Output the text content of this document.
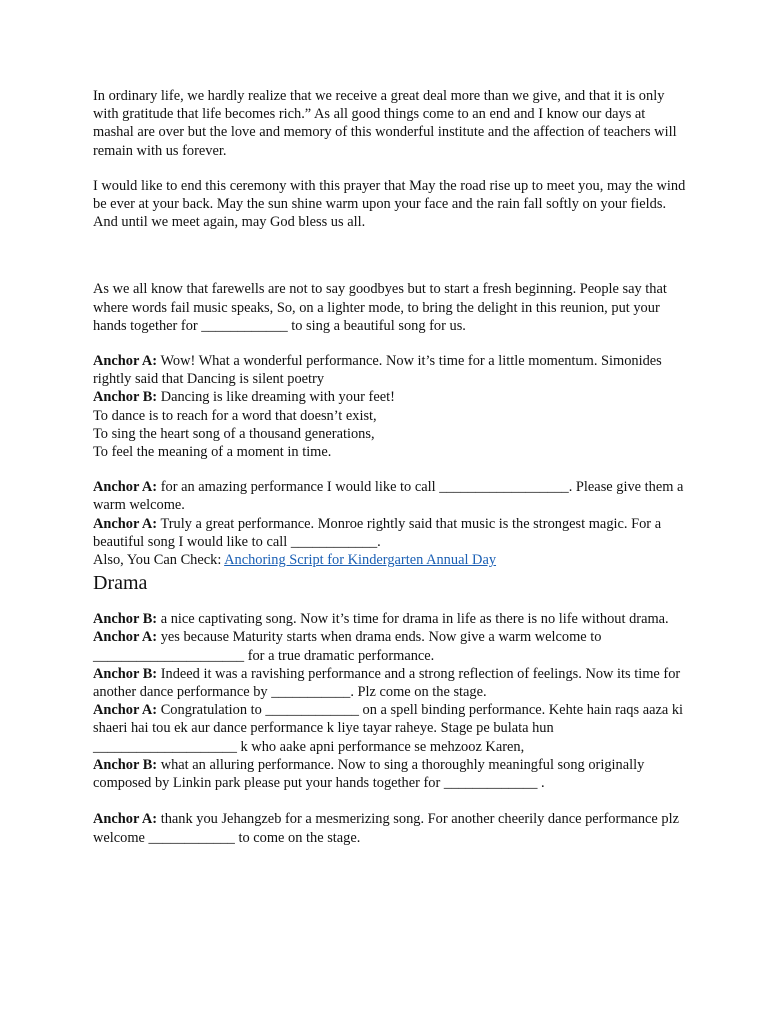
In ordinary life, we hardly realize that we receive a great deal more than we give, and that it is only with gratitude that life becomes rich.” As all good things come to an end and I know our days at mashal are over but the love and memory of this wonderful institute and the affection of teachers will remain with us forever.

I would like to end this ceremony with this prayer that May the road rise up to meet you, may the wind be ever at your back. May the sun shine warm upon your face and the rain fall softly on your fields. And until we meet again, may God bless us all.

As we all know that farewells are not to say goodbyes but to start a fresh beginning. People say that where words fail music speaks, So, on a lighter mode, to bring the delight in this reunion, put your hands together for ____________ to sing a beautiful song for us.

Anchor A: Wow! What a wonderful performance. Now it’s time for a little momentum. Simonides rightly said that Dancing is silent poetry

Anchor B: Dancing is like dreaming with your feet!

To dance is to reach for a word that doesn’t exist,

To sing the heart song of a thousand generations,

To feel the meaning of a moment in time.

Anchor A: for an amazing performance I would like to call __________________. Please give them a warm welcome.

Anchor A: Truly a great performance. Monroe rightly said that music is the strongest magic. For a beautiful song I would like to call ____________.

Also, You Can Check: Anchoring Script for Kindergarten Annual Day

Drama

Anchor B: a nice captivating song. Now it’s time for drama in life as there is no life without drama.

Anchor A: yes because Maturity starts when drama ends. Now give a warm welcome to _____________________ for a true dramatic performance.

Anchor B: Indeed it was a ravishing performance and a strong reflection of feelings. Now its time for another dance performance by ___________. Plz come on the stage.

Anchor A: Congratulation to _____________ on a spell binding performance. Kehte hain raqs aaza ki shaeri hai tou ek aur dance performance k liye tayar raheye. Stage pe bulata hun ____________________ k who aake apni performance se mehzooz Karen,

Anchor B: what an alluring performance. Now to sing a thoroughly meaningful song originally composed by Linkin park please put your hands together for _____________ .

Anchor A: thank you Jehangzeb for a mesmerizing song. For another cheerily dance performance plz welcome ____________ to come on the stage.
